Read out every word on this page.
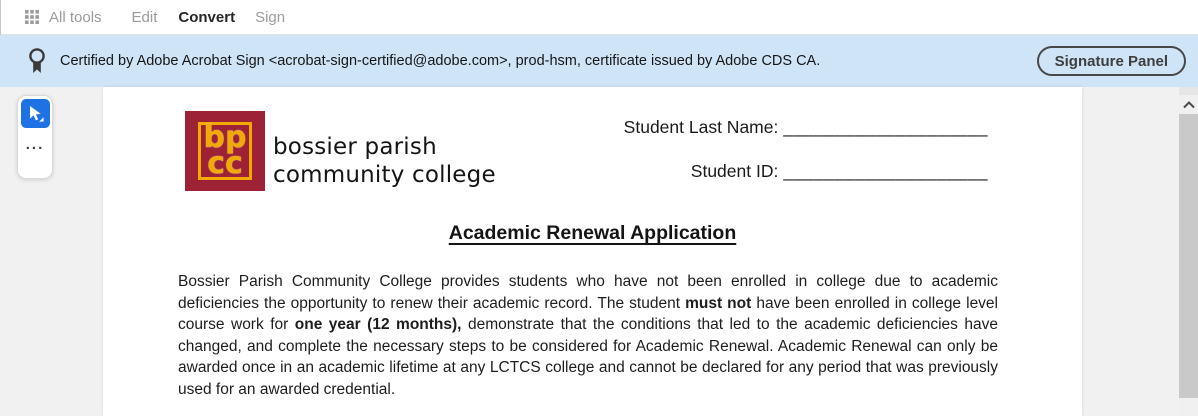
All tools Edit Convert Sign
Certified by Adobe Acrobat Sign <acrobat-sign-certified@adobe.com>, prod-hsm, certificate issued by Adobe CDS CA.	Signature Panel
bp
cc bossier parish
community college
Student Last Name: ____________________
Student ID: ____________________
Academic Renewal Application
Bossier Parish Community College provides students who have not been enrolled in college due to academic deficiencies the opportunity to renew their academic record. The student must not have been enrolled in college level course work for one year (12 months), demonstrate that the conditions that led to the academic deficiencies have changed, and complete the necessary steps to be considered for Academic Renewal. Academic Renewal can only be awarded once in an academic lifetime at any LCTCS college and cannot be declared for any period that was previously used for an awarded credential.
...
